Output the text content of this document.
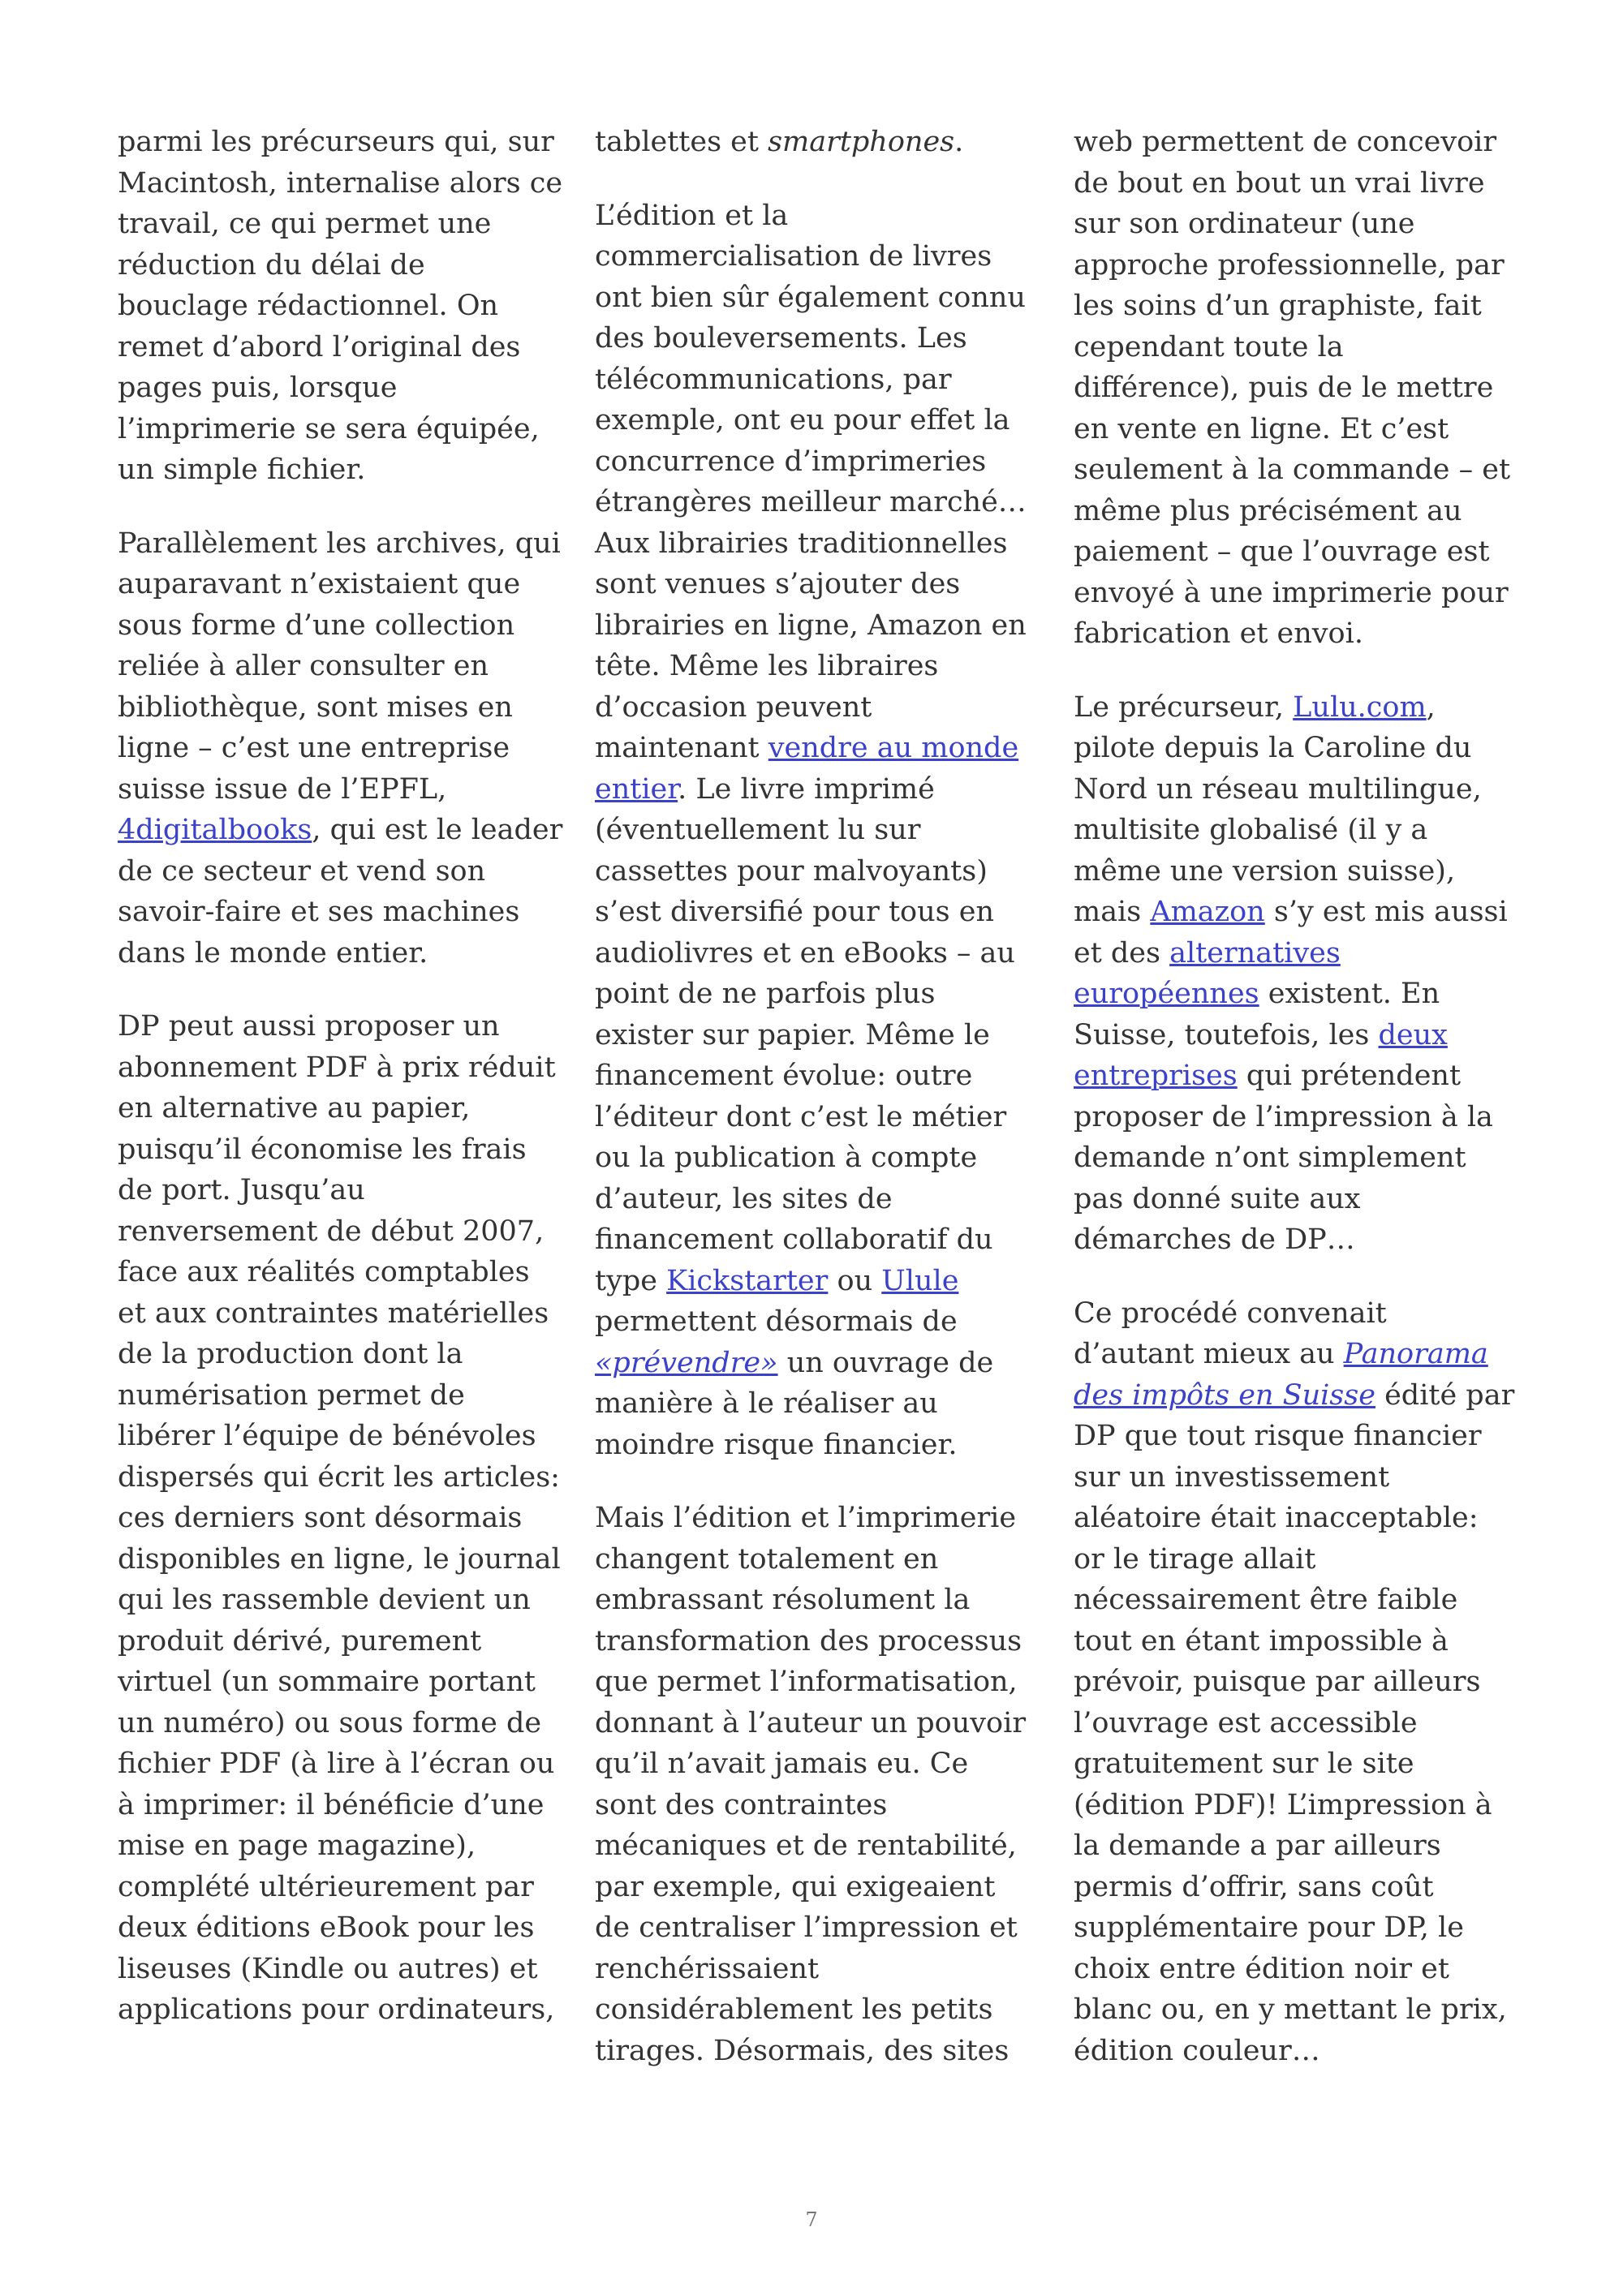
parmi les précurseurs qui, sur Macintosh, internalise alors ce travail, ce qui permet une réduction du délai de bouclage rédactionnel. On remet d’abord l’original des pages puis, lorsque l’imprimerie se sera équipée, un simple fichier.

Parallèlement les archives, qui auparavant n’existaient que sous forme d’une collection reliée à aller consulter en bibliothèque, sont mises en ligne – c’est une entreprise suisse issue de l’EPFL, 4digitalbooks, qui est le leader de ce secteur et vend son savoir-faire et ses machines dans le monde entier.

DP peut aussi proposer un abonnement PDF à prix réduit en alternative au papier, puisqu’il économise les frais de port. Jusqu’au renversement de début 2007, face aux réalités comptables et aux contraintes matérielles de la production dont la numérisation permet de libérer l’équipe de bénévoles dispersés qui écrit les articles: ces derniers sont désormais disponibles en ligne, le journal qui les rassemble devient un produit dérivé, purement virtuel (un sommaire portant un numéro) ou sous forme de fichier PDF (à lire à l’écran ou à imprimer: il bénéficie d’une mise en page magazine), complété ultérieurement par deux éditions eBook pour les liseuses (Kindle ou autres) et applications pour ordinateurs,

tablettes et smartphones.

L’édition et la commercialisation de livres ont bien sûr également connu des bouleversements. Les télécommunications, par exemple, ont eu pour effet la concurrence d’imprimeries étrangères meilleur marché… Aux librairies traditionnelles sont venues s’ajouter des librairies en ligne, Amazon en tête. Même les libraires d’occasion peuvent maintenant vendre au monde entier. Le livre imprimé (éventuellement lu sur cassettes pour malvoyants) s’est diversifié pour tous en audiolivres et en eBooks – au point de ne parfois plus exister sur papier. Même le financement évolue: outre l’éditeur dont c’est le métier ou la publication à compte d’auteur, les sites de financement collaboratif du type Kickstarter ou Ulule permettent désormais de «prévendre» un ouvrage de manière à le réaliser au moindre risque financier.

Mais l’édition et l’imprimerie changent totalement en embrassant résolument la transformation des processus que permet l’informatisation, donnant à l’auteur un pouvoir qu’il n’avait jamais eu. Ce sont des contraintes mécaniques et de rentabilité, par exemple, qui exigeaient de centraliser l’impression et renchérissaient considérablement les petits tirages. Désormais, des sites

web permettent de concevoir de bout en bout un vrai livre sur son ordinateur (une approche professionnelle, par les soins d’un graphiste, fait cependant toute la différence), puis de le mettre en vente en ligne. Et c’est seulement à la commande – et même plus précisément au paiement – que l’ouvrage est envoyé à une imprimerie pour fabrication et envoi.

Le précurseur, Lulu.com, pilote depuis la Caroline du Nord un réseau multilingue, multisite globalisé (il y a même une version suisse), mais Amazon s’y est mis aussi et des alternatives européennes existent. En Suisse, toutefois, les deux entreprises qui prétendent proposer de l’impression à la demande n’ont simplement pas donné suite aux démarches de DP…

Ce procédé convenait d’autant mieux au Panorama des impôts en Suisse édité par DP que tout risque financier sur un investissement aléatoire était inacceptable: or le tirage allait nécessairement être faible tout en étant impossible à prévoir, puisque par ailleurs l’ouvrage est accessible gratuitement sur le site (édition PDF)! L’impression à la demande a par ailleurs permis d’offrir, sans coût supplémentaire pour DP, le choix entre édition noir et blanc ou, en y mettant le prix, édition couleur…

7
